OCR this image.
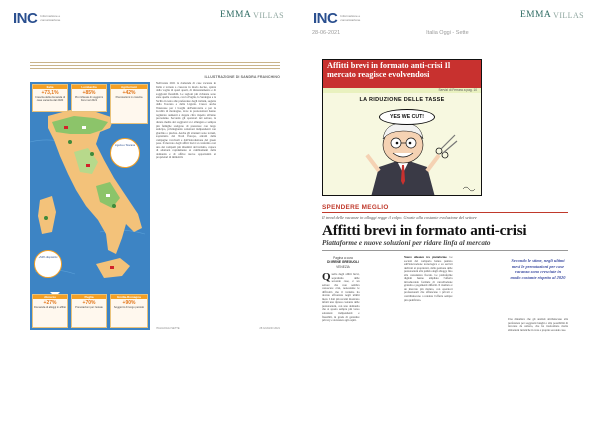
INC Informazione e comunicazione	EMMA VILLAS
ILLUSTRAZIONE DI SANDRA FRANCHINO
Italia
+73,1%
Crescita della domanda di case vacanza dal 2020
Lombardia
+85%
Più richieste di soggiorni brevi nel 2021
Agriturismi
+42%
Prenotazioni in crescita
Liguria e Toscana
+54% dispositivi
Abruzzo
+27%
Domanda di alloggi in affitto
Puglia
+70%
Prenotazioni per l'estate
Emilia-Romagna
+90%
Soggiorni di lungo periodo
Nell'estate 2021 la domanda di case vacanza in Italia è tornata a crescere in modo deciso, spinta dalla voglia di spazi aperti, di distanziamento e di soggiorni flessibili. Le regioni più richieste sono state quelle costiere, con la Puglia, la Sardegna e la Sicilia in testa alle preferenze degli italiani, seguite dalla Toscana e dalla Liguria. Cresce anche l'interesse per i borghi dell'entroterra e per le località di montagna, dove le prenotazioni hanno registrato aumenti a doppia cifra rispetto all'anno precedente. Secondo gli operatori del settore, la durata media dei soggiorni si è allungata e sempre più famiglie scelgono di prenotare con largo anticipo, privilegiando soluzioni indipendenti con giardino o piscina. Anche gli stranieri sono tornati, soprattutto dal Nord Europa, attratti dalle campagne vaccinali e dall'introduzione del green pass. Il mercato degli affitti brevi si conferma così uno dei comparti più dinamici del turismo, capace di adattarsi rapidamente ai cambiamenti della domanda e di offrire nuove opportunità ai proprietari di immobili.
ITALIAOGGI SETTE	28 GIUGNO 2021
INC Informazione e comunicazione	EMMA VILLAS
28-06-2021	Italia Oggi - Sette
Affitti brevi in formato anti-crisi Il mercato reagisce evolvendosi
Servizi di Ferrara a pag. 10
LA RIDUZIONE DELLE TASSE
YES WE CUT!
SPENDERE MEGLIO
Il trend delle vacanze in alloggi regge il colpo. Grazie alla costante evoluzione del settore
Affitti brevi in formato anti-crisi
Piattaforme e nuove soluzioni per ridare linfa al mercato
Pagina a cura
DI IRENE GREGUOLI
VENEZIA
Quello degli affitti brevi, soprattutto delle seconde case, è un settore che non sembra conoscere crisi, nonostante le difficoltà che il turismo ha dovuto affrontare negli ultimi mesi. I dati più recenti mostrano infatti una ripresa costante delle prenotazioni, con una domanda che si sposta sempre più verso soluzioni indipendenti e flessibili, in grado di garantire privacy e sicurezza agli ospiti.
Nuove alleanze tra piattaforme. Le società del comparto hanno puntato sull'innovazione tecnologica e su servizi dedicati ai proprietari, dalla gestione delle prenotazioni alla pulizia degli alloggi, fino alla consulenza fiscale. Le piattaforme digitali hanno ampliato l'offerta introducendo formule di cancellazione gratuita e pagamenti differiti. Il risultato è un mercato più maturo, con operatori professionali che affiancano i privati e contribuiscono a rendere l'offerta sempre più qualificata.
Secondo le stime, negli ultimi mesi le prenotazioni per case vacanza sono cresciute in modo costante rispetto al 2020
Una dinamica che gli analisti attribuiscono alla preferenza per soggiorni lunghi e alla possibilità di lavorare da remoto, che ha trasformato molte abitazioni turistiche in vere e proprie seconde case.
